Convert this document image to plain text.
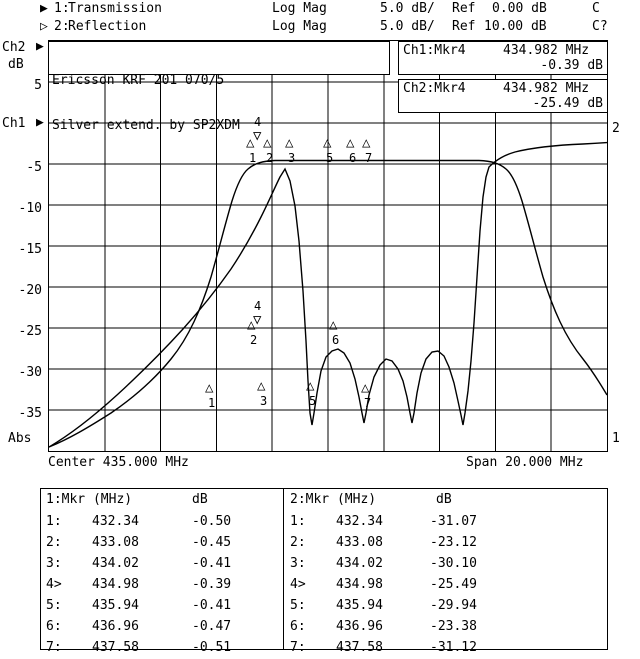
▶ 1:
Transmission	Log Mag	5.0 dB/ Ref 0.00 dB	C
▷ 2:
Reflection	Log Mag	5.0 dB/ Ref 10.00 dB	C?
Ch2
dB
▶
5
-5
-10
-15
-20
-25
-30
-35
Ch1 ▶
Abs
2
1
▽
4
△ △ △ △ △ △
1 2 3	5 6 7
▽
4
△
2
△
6
△
1
△
3
△
5
△
7

Ericsson KRF 201 070/5

Silver extend. by SP2XDM

Ch1:Mkr4

	434.982 MHz

-0.39 dB

Ch2:Mkr4

	434.982 MHz

-25.49 dB

Center 435.000 MHz	Span 20.000 MHz
1:Mkr (MHz)	dB
1: 432.34	-0.50
2: 433.08	-0.45
3: 434.02	-0.41
4> 434.98	-0.39
5: 435.94	-0.41
6: 436.96	-0.47
7: 437.58	-0.51
2:Mkr (MHz)	dB
1: 432.34	-31.07
2: 433.08	-23.12
3: 434.02	-30.10
4> 434.98	-25.49
5: 435.94	-29.94
6: 436.96	-23.38
7: 437.58	-31.12
